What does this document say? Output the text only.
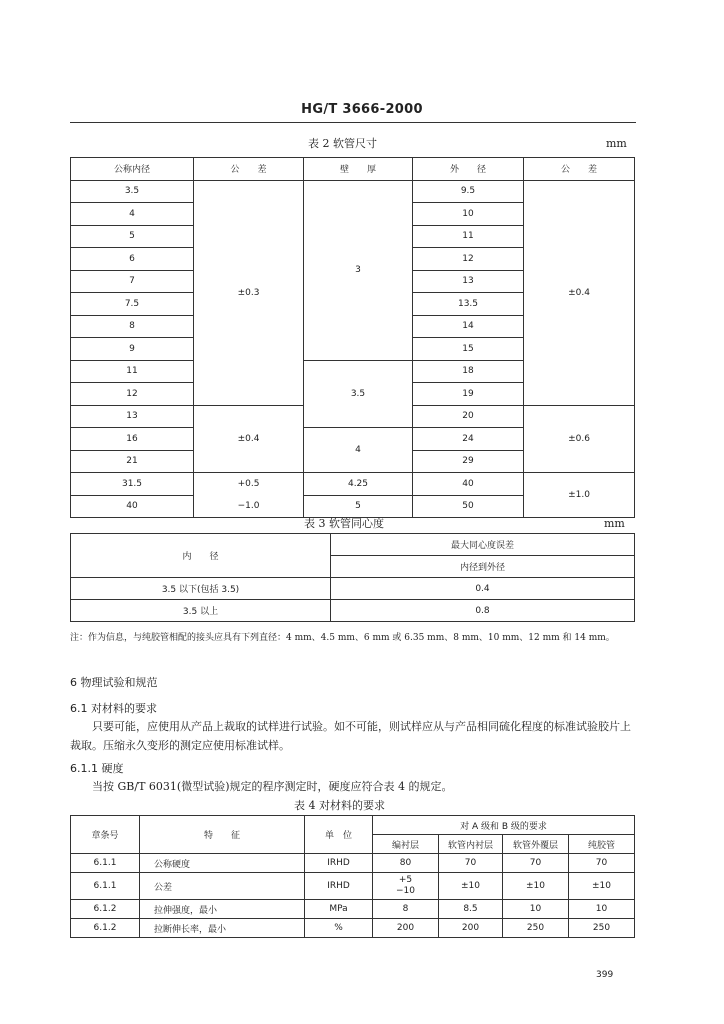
HG/T 3666-2000
表 2 软管尺寸	mm
公称内径	公　　差	壁　　厚	外　　径	公　　差
3.5	±0.3	3	9.5	±0.4
4			10	
5			11	
6			12	
7			13	
7.5			13.5	
8			14	
9			15	
11		3.5	18	
12			19	
13	±0.4		20	±0.6
16		4	24	
21			29	
31.5	+0.5	4.25	40	±1.0
40	−1.0	5	50	
表 3 软管同心度	mm
内　　径	最大同心度误差
	内径到外径
3.5 以下(包括 3.5)	0.4
3.5 以上	0.8
注：作为信息，与纯胶管相配的接头应具有下列直径：4 mm、4.5 mm、6 mm 或 6.35 mm、8 mm、10 mm、12 mm 和 14 mm。
6 物理试验和规范
6.1 对材料的要求
只要可能，应使用从产品上裁取的试样进行试验。如不可能，则试样应从与产品相同硫化程度的标准试验胶片上裁取。压缩永久变形的测定应使用标准试样。
6.1.1 硬度
当按 GB/T 6031(微型试验)规定的程序测定时，硬度应符合表 4 的规定。
表 4 对材料的要求
章条号	特　　征	单　位	对 A 级和 B 级的要求			
			编衬层	软管内衬层	软管外覆层	纯胶管
6.1.1	公称硬度	IRHD	80	70	70	70
6.1.1	公差	IRHD	+5
−10	±10	±10	±10
6.1.2	拉伸强度，最小	MPa	8	8.5	10	10
6.1.2	拉断伸长率，最小	%	200	200	250	250
399
